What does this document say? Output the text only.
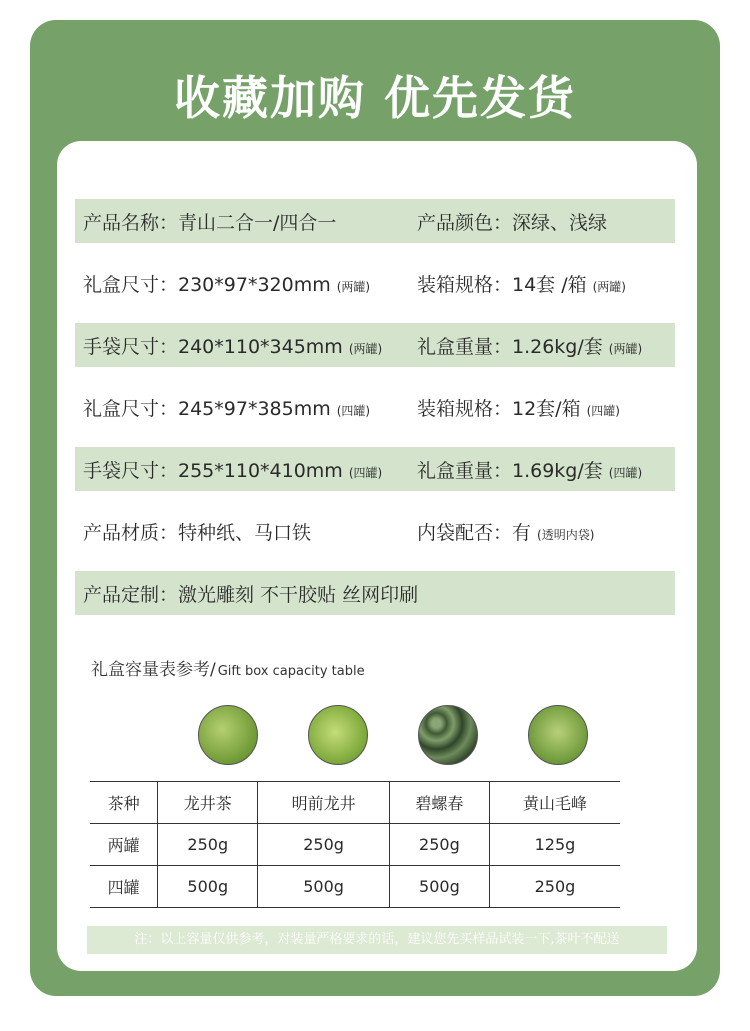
收藏加购 优先发货
产品名称：青山二合一/四合一	产品颜色：深绿、浅绿
礼盒尺寸：230*97*320mm (两罐) 装箱规格：14套 /箱 (两罐)
手袋尺寸：240*110*345mm (两罐) 礼盒重量：1.26kg/套 (两罐)
礼盒尺寸：245*97*385mm (四罐) 装箱规格：12套/箱 (四罐)
手袋尺寸：255*110*410mm (四罐) 礼盒重量：1.69kg/套 (四罐)
产品材质：特种纸、马口铁	内袋配否：有 (透明内袋)
产品定制：激光雕刻 不干胶贴 丝网印刷
礼盒容量表参考/ Gift box capacity table
茶种	龙井茶	明前龙井	碧螺春	黄山毛峰
两罐	250g	250g	250g	125g
四罐	500g	500g	500g	250g
注：以上容量仅供参考，对装量严格要求的话，建议您先买样品试装一下,茶叶不配送
